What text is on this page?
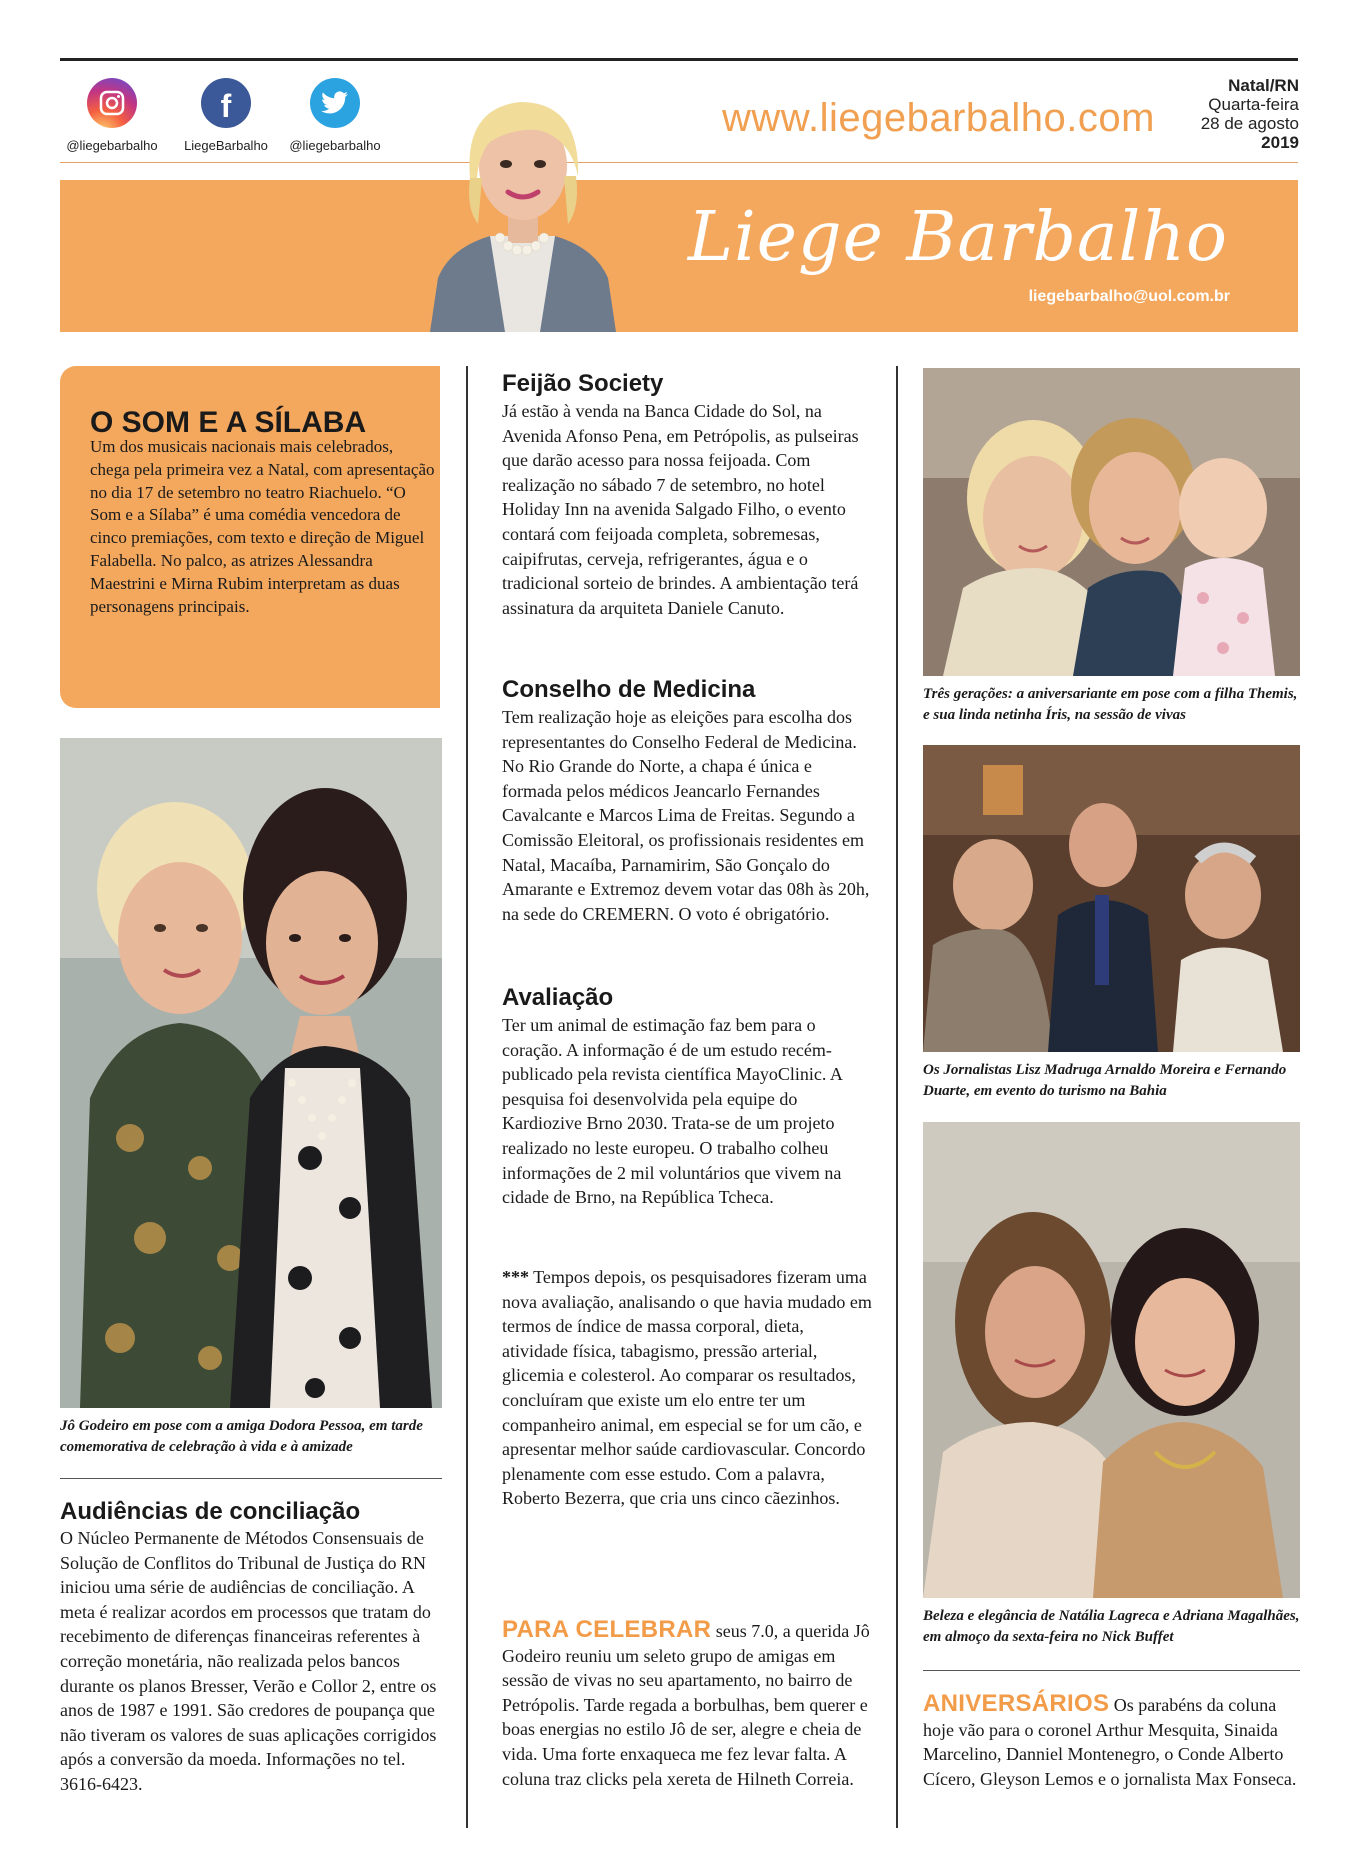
@liegebarbalho
f
LiegeBarbalho	@liegebarbalho
www.liegebarbalho.com
Natal/RN
Quarta-feira
28 de agosto
2019
Liege Barbalho
liegebarbalho@uol.com.br
O SOM E A SÍLABA
Um dos musicais nacionais mais celebrados, chega pela primeira vez a Natal, com apresentação no dia 17 de setembro no teatro Riachuelo. “O Som e a Sílaba” é uma comédia vencedora de cinco premiações, com texto e direção de Miguel Falabella. No palco, as atrizes Alessandra Maestrini e Mirna Rubim interpretam as duas personagens principais.
Jô Godeiro em pose com a amiga Dodora Pessoa, em tarde comemorativa de celebração à vida e à amizade
Audiências de conciliação
O Núcleo Permanente de Métodos Consensuais de Solução de Conflitos do Tribunal de Justiça do RN iniciou uma série de audiências de conciliação. A meta é realizar acordos em processos que tratam do recebimento de diferenças financeiras referentes à correção monetária, não realizada pelos bancos durante os planos Bresser, Verão e Collor 2, entre os anos de 1987 e 1991. São credores de poupança que não tiveram os valores de suas aplicações corrigidos após a conversão da moeda. Informações no tel. 3616-6423.
Feijão Society
Já estão à venda na Banca Cidade do Sol, na Avenida Afonso Pena, em Petrópolis, as pulseiras que darão acesso para nossa feijoada. Com realização no sábado 7 de setembro, no hotel Holiday Inn na avenida Salgado Filho, o evento contará com feijoada completa, sobremesas, caipifrutas, cerveja, refrigerantes, água e o tradicional sorteio de brindes. A ambientação terá assinatura da arquiteta Daniele Canuto.
Conselho de Medicina
Tem realização hoje as eleições para escolha dos representantes do Conselho Federal de Medicina. No Rio Grande do Norte, a chapa é única e formada pelos médicos Jeancarlo Fernandes Cavalcante e Marcos Lima de Freitas. Segundo a Comissão Eleitoral, os profissionais residentes em Natal, Macaíba, Parnamirim, São Gonçalo do Amarante e Extremoz devem votar das 08h às 20h, na sede do CREMERN. O voto é obrigatório.
Avaliação
Ter um animal de estimação faz bem para o coração. A informação é de um estudo recém-publicado pela revista científica MayoClinic. A pesquisa foi desenvolvida pela equipe do Kardiozive Brno 2030. Trata-se de um projeto realizado no leste europeu. O trabalho colheu informações de 2 mil voluntários que vivem na cidade de Brno, na República Tcheca.
*** Tempos depois, os pesquisadores fizeram uma nova avaliação, analisando o que havia mudado em termos de índice de massa corporal, dieta, atividade física, tabagismo, pressão arterial, glicemia e colesterol. Ao comparar os resultados, concluíram que existe um elo entre ter um companheiro animal, em especial se for um cão, e apresentar melhor saúde cardiovascular. Concordo plenamente com esse estudo. Com a palavra, Roberto Bezerra, que cria uns cinco cãezinhos.
PARA CELEBRAR seus 7.0, a querida Jô Godeiro reuniu um seleto grupo de amigas em sessão de vivas no seu apartamento, no bairro de Petrópolis. Tarde regada a borbulhas, bem querer e boas energias no estilo Jô de ser, alegre e cheia de vida. Uma forte enxaqueca me fez levar falta. A coluna traz clicks pela xereta de Hilneth Correia.
Três gerações: a aniversariante em pose com a filha Themis, e sua linda netinha Íris, na sessão de vivas
Os Jornalistas Lisz Madruga Arnaldo Moreira e Fernando Duarte, em evento do turismo na Bahia
Beleza e elegância de Natália Lagreca e Adriana Magalhães, em almoço da sexta-feira no Nick Buffet
ANIVERSÁRIOS Os parabéns da coluna hoje vão para o coronel Arthur Mesquita, Sinaida Marcelino, Danniel Montenegro, o Conde Alberto Cícero, Gleyson Lemos e o jornalista Max Fonseca.
